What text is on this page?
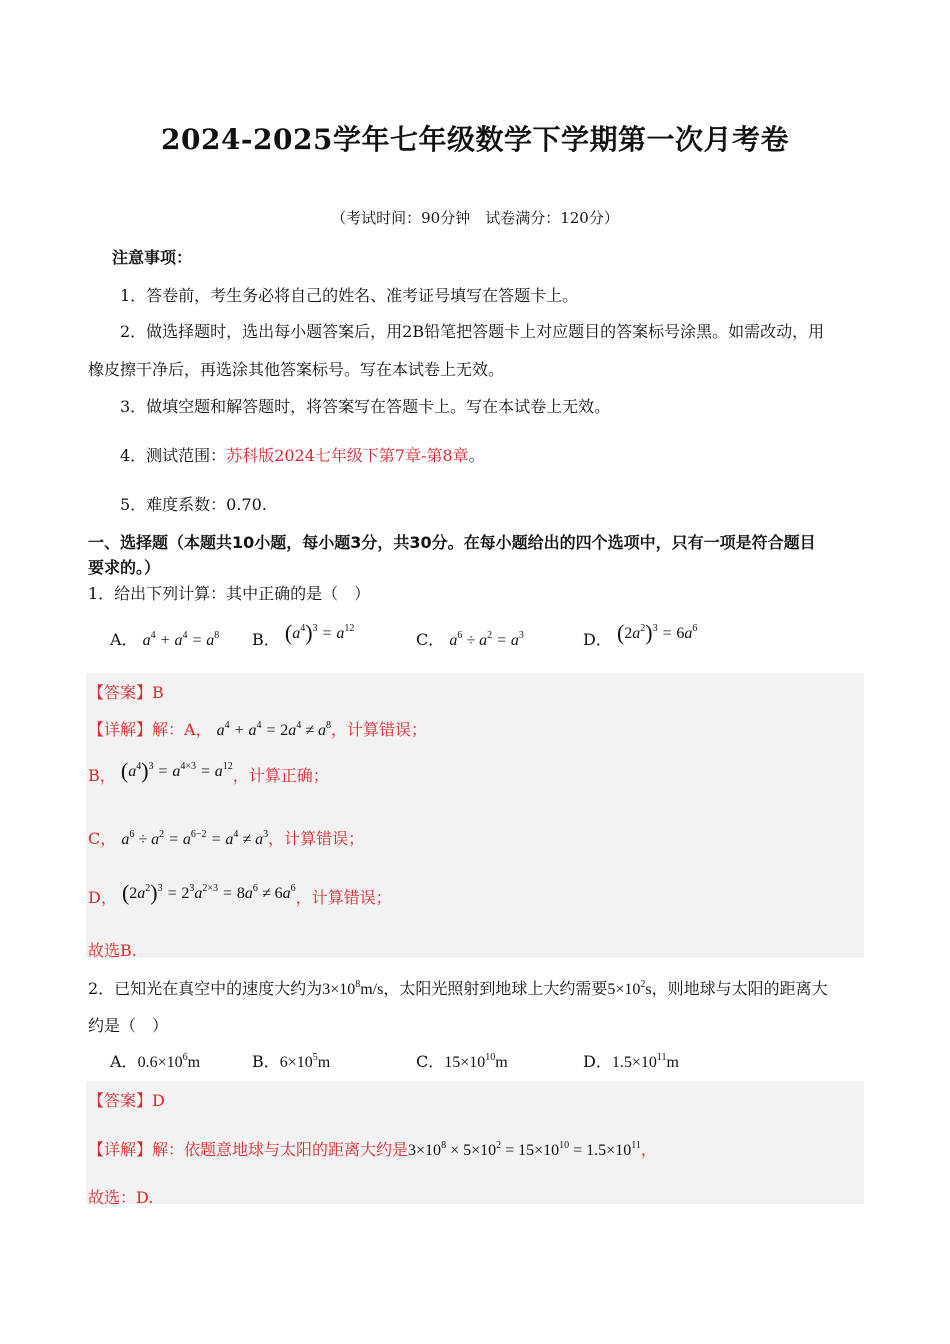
2024-2025学年七年级数学下学期第一次月考卷
（考试时间：90分钟　试卷满分：120分）
注意事项：
1．答卷前，考生务必将自己的姓名、准考证号填写在答题卡上。
2．做选择题时，选出每小题答案后，用2B铅笔把答题卡上对应题目的答案标号涂黑。如需改动，用
橡皮擦干净后，再选涂其他答案标号。写在本试卷上无效。
3．做填空题和解答题时，将答案写在答题卡上。写在本试卷上无效。
4．测试范围：苏科版2024七年级下第7章-第8章。
5．难度系数：0.70.
一、选择题（本题共10小题，每小题3分，共30分。在每小题给出的四个选项中，只有一项是符合题目
要求的。）
1．给出下列计算：其中正确的是（　）
A． $a^4 + a^4 = a^8$ B． $(a^4)^3 = a^{12}$
C． $a^6 \div a^2 = a^3$	D． $(2a^2)^3 = 6a^6$
【答案】B
【详解】解：A， $a^4 + a^4 = 2a^4 \ne a^8$，计算错误；
B， $(a^4)^3 = a^{4\times 3} = a^{12}$，计算正确；
C， $a^6 \div a^2 = a^{6-2} = a^4 \ne a^3$，计算错误；
D， $(2a^2)^3 = 2^3a^{2\times 3} = 8a^6 \ne 6a^6$，计算错误；
故选B.
2．已知光在真空中的速度大约为$3\times 10^8m/s$，太阳光照射到地球上大约需要$5\times 10^2s$，则地球与太阳的距离大
约是（　）
A．$0.6\times 10^6m$	B．$6\times 10^5m$	C．$15\times 10^{10}m$	D．$1.5\times 10^{11}m$
【答案】D
【详解】解：依题意地球与太阳的距离大约是$3\times 10^8 \times 5\times 10^2 = 15\times 10^{10} = 1.5\times 10^{11}$，
故选：D.
